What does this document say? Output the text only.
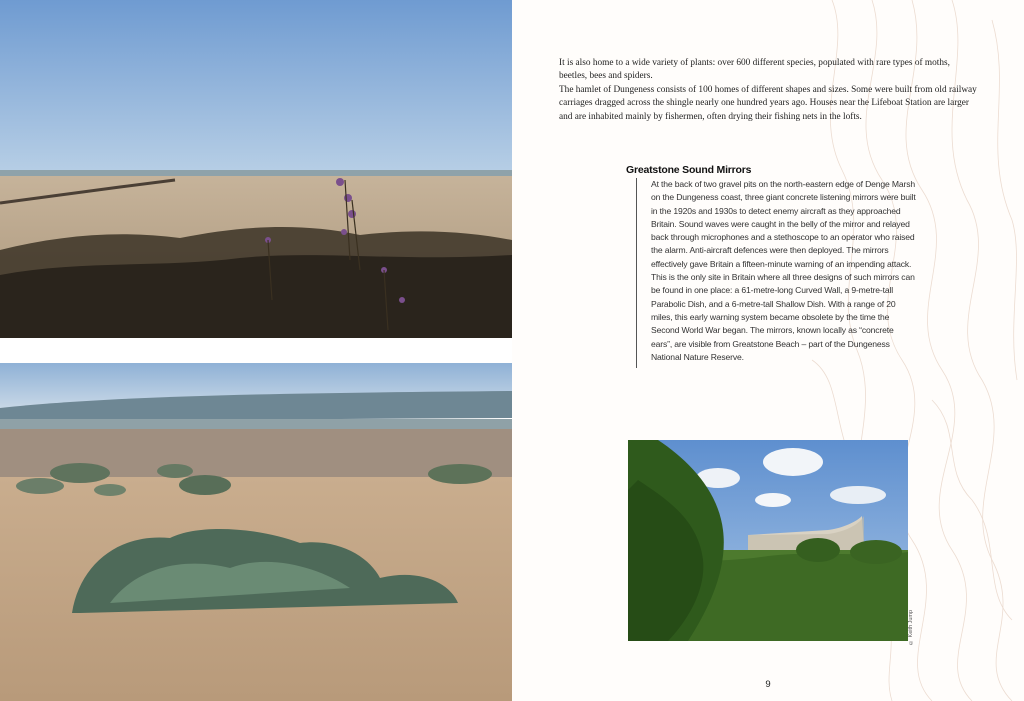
It is also home to a wide variety of plants: over 600 different species, populated with rare types of moths, beetles, bees and spiders.

The hamlet of Dungeness consists of 100 homes of different shapes and sizes. Some were built from old railway carriages dragged across the shingle nearly one hundred years ago. Houses near the Lifeboat Station are larger and are inhabited mainly by fishermen, often drying their fishing nets in the lofts.

Greatstone Sound Mirrors

At the back of two gravel pits on the north-eastern edge of Denge Marsh on the Dungeness coast, three giant concrete listening mirrors were built in the 1920s and 1930s to detect enemy aircraft as they approached Britain. Sound waves were caught in the belly of the mirror and relayed back through microphones and a stethoscope to an operator who raised the alarm. Anti-aircraft defences were then deployed. The mirrors effectively gave Britain a fifteen-minute warning of an impending attack.

This is the only site in Britain where all three designs of such mirrors can be found in one place: a 61-metre-long Curved Wall, a 9-metre-tall Parabolic Dish, and a 6-metre-tall Shallow Dish. With a range of 20 miles, this early warning system became obsolete by the time the Second World War began. The mirrors, known locally as “concrete ears”, are visible from Greatstone Beach – part of the Dungeness National Nature Reserve.

© Keith Jump
9
